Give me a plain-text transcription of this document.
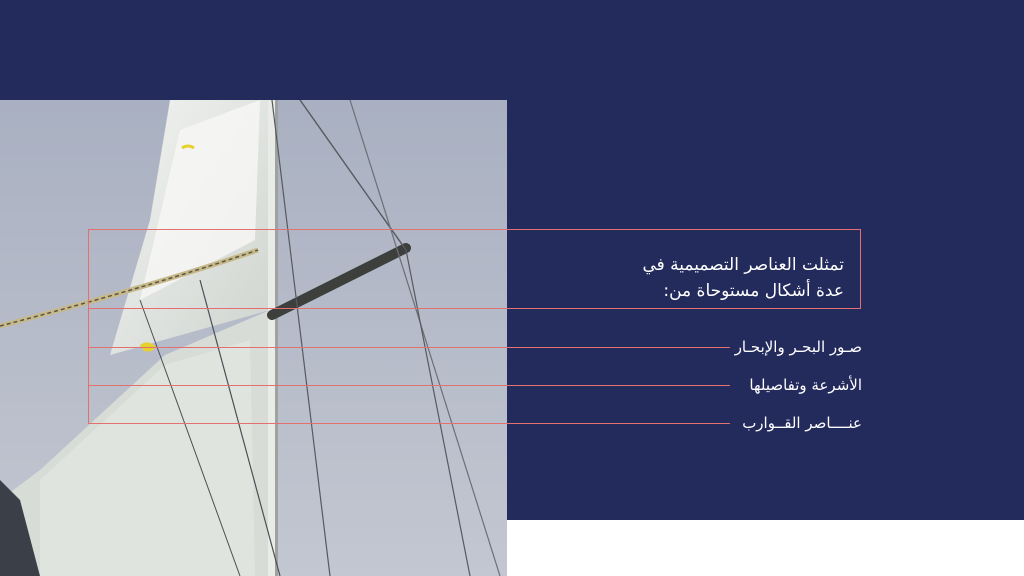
تمثلت العناصر التصميمية في
عدة أشكال مستوحاة من:
صـور البحـر والإبحـار
الأشرعة وتفاصيلها
عنــــاصر القــوارب
